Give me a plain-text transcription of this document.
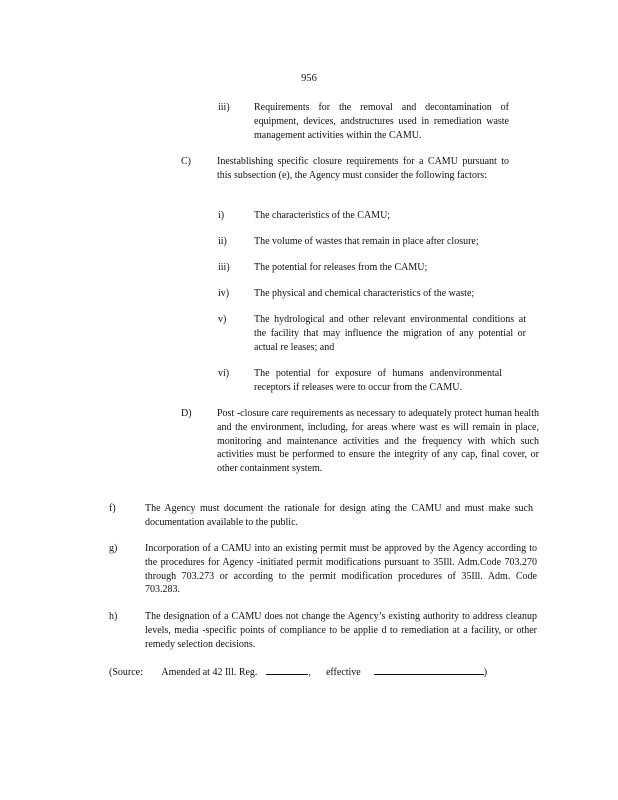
956
iii) Requirements for the removal and decontamination of equipment, devices, andstructures used in remediation waste management activities within the CAMU.
C)	Inestablishing specific closure requirements for a CAMU pursuant to this subsection (e), the Agency must consider the following factors:
i)	The characteristics of the CAMU;
ii)	The volume of wastes that remain in place after closure;
iii) The potential for releases from the CAMU;
iv) The physical and chemical characteristics of the waste;
v)	The hydrological and other relevant environmental conditions at the facility that may influence the migration of any potential or actual re leases; and
vi) The potential for exposure of humans andenvironmental receptors if releases were to occur from the CAMU.
D)	Post -closure care requirements as necessary to adequately protect human health and the environment, including, for areas where wast es will remain in place, monitoring and maintenance activities and the frequency with which such activities must be performed to ensure the integrity of any cap, final cover, or other containment system.
f)	The Agency must document the rationale for design ating the CAMU and must make such documentation available to the public.
g)	Incorporation of a CAMU into an existing permit must be approved by the Agency according to the procedures for Agency -initiated permit modifications pursuant to 35Ill. Adm.Code 703.270 through 703.273 or according to the permit modification procedures of 35Ill. Adm. Code 703.283.
h)	The designation of a CAMU does not change the Agency’s existing authority to address cleanup levels, media -specific points of compliance to be applie d to remediation at a facility, or other remedy selection decisions.
(Source: Amended at 42 Ill. Reg.	, effective	)
